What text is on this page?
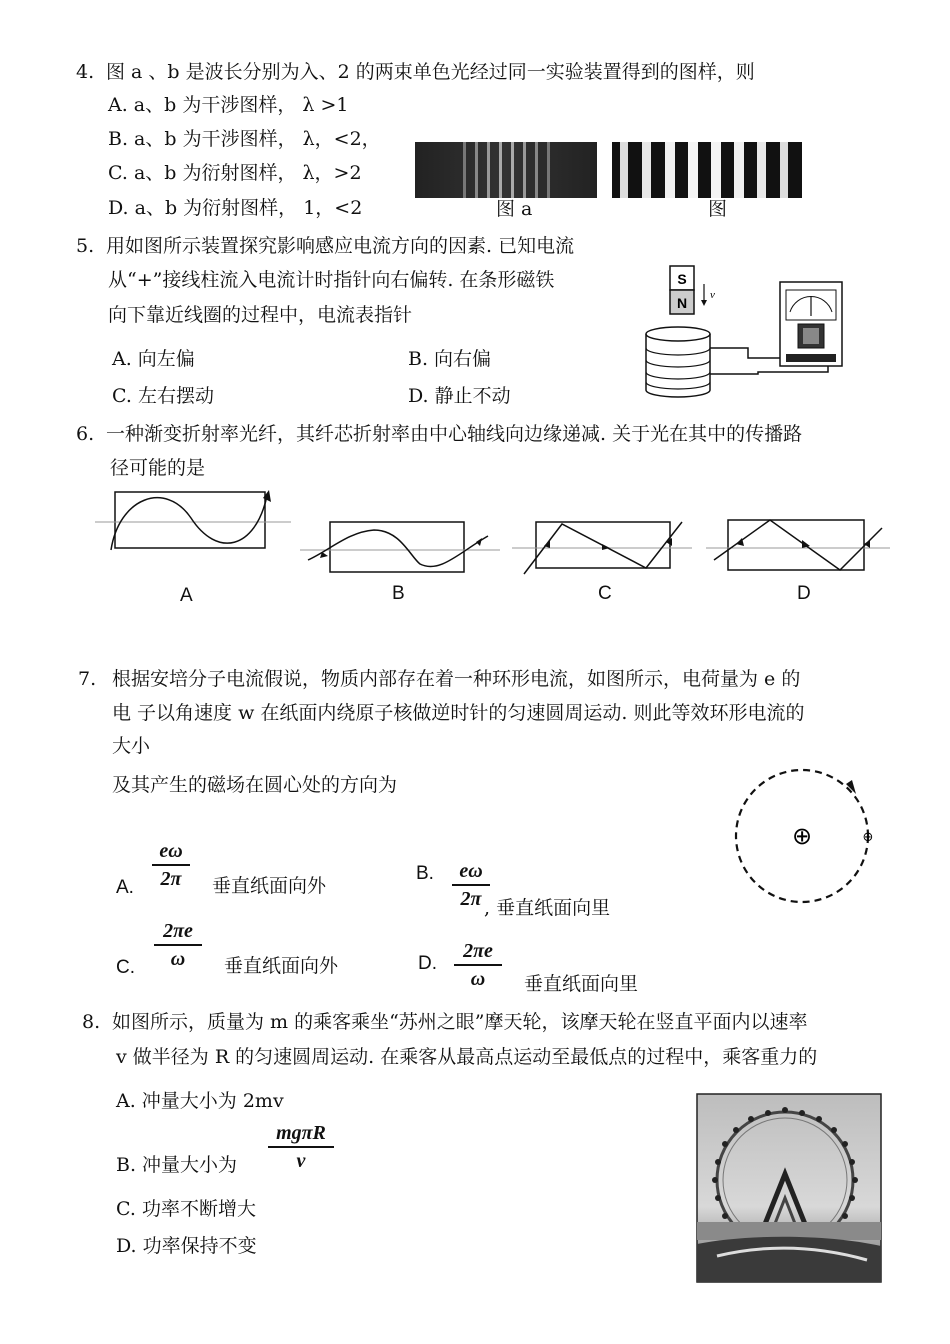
4. 图 a 、b 是波长分别为入、2 的两束单色光经过同一实验装置得到的图样，则
A. a、b 为干涉图样， λ >1
B. a、b 为干涉图样， λ，<2，
C. a、b 为衍射图样， λ，>2
D. a、b 为衍射图样， 1，<2	图 a	图
5. 用如图所示装置探究影响感应电流方向的因素. 已知电流
从“+”接线柱流入电流计时指针向右偏转. 在条形磁铁
向下靠近线圈的过程中，电流表指针
A. 向左偏	B. 向右偏
C. 左右摆动	D. 静止不动
S
N v
6. 一种渐变折射率光纤，其纤芯折射率由中心轴线向边缘递减. 关于光在其中的传播路
径可能的是
A	B	C	D
7. 根据安培分子电流假说，物质内部存在着一种环形电流，如图所示，电荷量为 e 的
电 子以角速度 w 在纸面内绕原子核做逆时针的匀速圆周运动. 则此等效环形电流的
大小
及其产生的磁场在圆心处的方向为
⊕	⊖
A.
eω
2π	垂直纸面向外
B.	eω
2π , 垂直纸面向里
C.
2πe
ω	垂直纸面向外	D.
2πe
ω	垂直纸面向里
8. 如图所示，质量为 m 的乘客乘坐“苏州之眼”摩天轮，该摩天轮在竖直平面内以速率
v 做半径为 R 的匀速圆周运动. 在乘客从最高点运动至最低点的过程中，乘客重力的
A. 冲量大小为 2mv
B. 冲量大小为
mgπR
v
C. 功率不断增大
D. 功率保持不变
